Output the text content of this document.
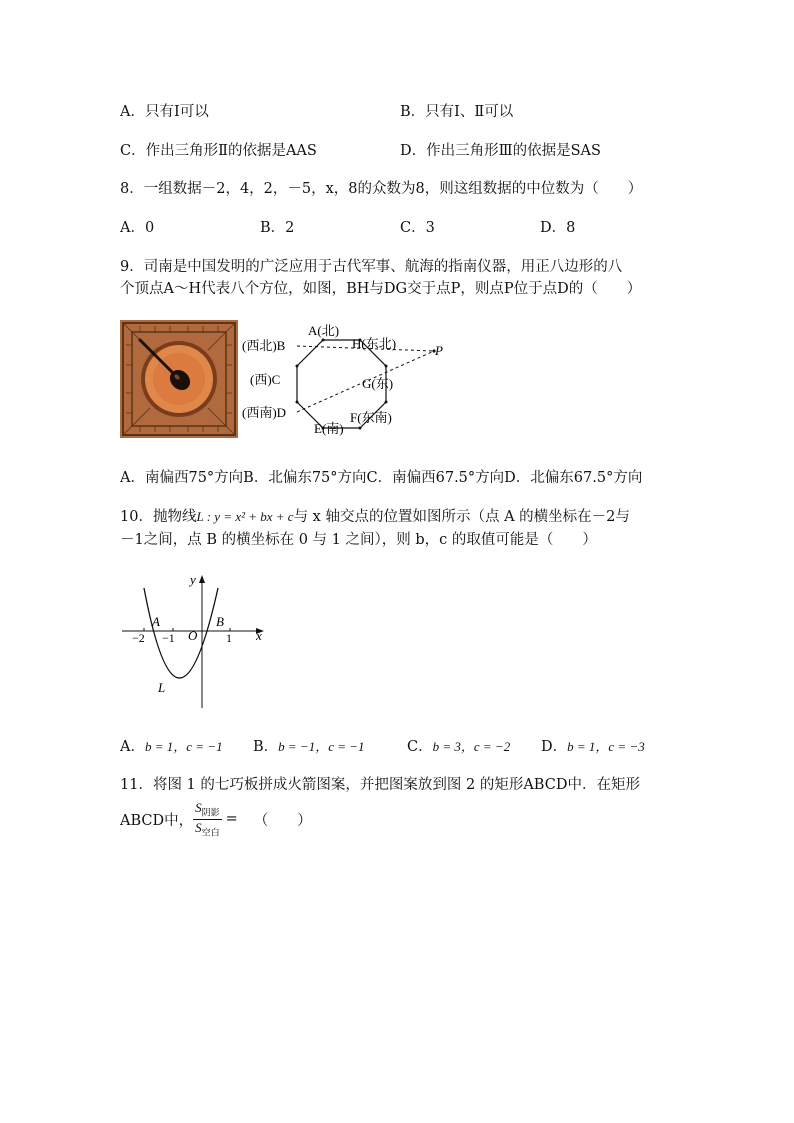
A．只有Ⅰ可以	B．只有Ⅰ、Ⅱ可以
C．作出三角形Ⅱ的依据是AAS	D．作出三角形Ⅲ的依据是SAS
8．一组数据－2，4，2，－5，x，8的众数为8，则这组数据的中位数为（　　）
A．0	B．2	C．3	D．8
9．司南是中国发明的广泛应用于古代军事、航海的指南仪器，用正八边形的八
个顶点A～H代表八个方位，如图，BH与DG交于点P，则点P位于点D的（　　）
A(北)
(西北)B	H(东北)
(西)C	G(东)
(西南)D	F(东南)
E(南)
P
A．南偏西75°方向B．北偏东75°方向C．南偏西67.5°方向D．北偏东67.5°方向
10．抛物线L : y = x² + bx + c与 x 轴交点的位置如图所示（点 A 的横坐标在－2与
－1之间，点 B 的横坐标在 0 与 1 之间），则 b，c 的取值可能是（　　）
y
x
O
A	B
L
−2 −1	1
A．b = 1，c = −1 B．b = −1，c = −1	C．b = 3，c = −2 D．b = 1，c = −3
11．将图 1 的七巧板拼成火箭图案，并把图案放到图 2 的矩形ABCD中．在矩形
ABCD中， $\frac{S_{阴影}}{S_{空白}}$ = （　　）
